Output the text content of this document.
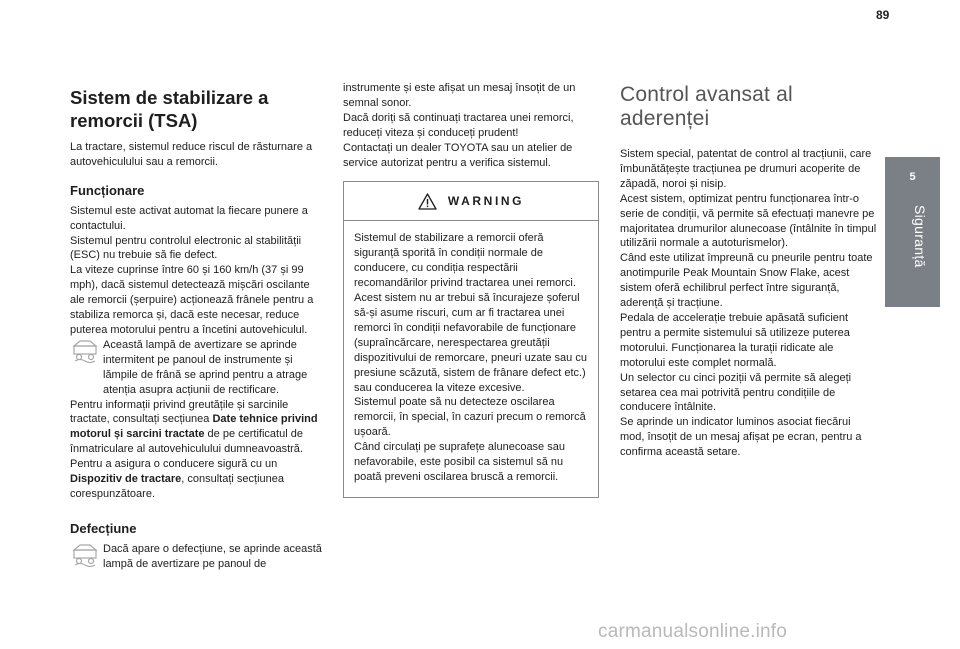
89
5
Siguranță
Sistem de stabilizare a remorcii (TSA)

La tractare, sistemul reduce riscul de răsturnare a autovehiculului sau a remorcii.

Funcționare

Sistemul este activat automat la fiecare punere a contactului.

Sistemul pentru controlul electronic al stabilității (ESC) nu trebuie să fie defect.

La viteze cuprinse între 60 și 160 km/h (37 și 99 mph), dacă sistemul detectează mișcări oscilante ale remorcii (șerpuire) acționează frânele pentru a stabiliza remorca și, dacă este necesar, reduce puterea motorului pentru a încetini autovehiculul.

Această lampă de avertizare se aprinde intermitent pe panoul de instrumente și lămpile de frână se aprind pentru a atrage atenția asupra acțiunii de rectificare.

Pentru informații privind greutățile și sarcinile tractate, consultați secțiunea Date tehnice privind motorul și sarcini tractate de pe certificatul de înmatriculare al autovehiculului dumneavoastră.

Pentru a asigura o conducere sigură cu un Dispozitiv de tractare, consultați secțiunea corespunzătoare.

Defecțiune
Dacă apare o defecțiune, se aprinde această lampă de avertizare pe panoul de

instrumente și este afișat un mesaj însoțit de un semnal sonor.

Dacă doriți să continuați tractarea unei remorci, reduceți viteza și conduceți prudent!

Contactați un dealer TOYOTA sau un atelier de service autorizat pentru a verifica sistemul.

WARNING

Sistemul de stabilizare a remorcii oferă siguranță sporită în condiții normale de conducere, cu condiția respectării recomandărilor privind tractarea unei remorci.

Acest sistem nu ar trebui să încurajeze șoferul să-și asume riscuri, cum ar fi tractarea unei remorci în condiții nefavorabile de funcționare (supraîncărcare, nerespectarea greutății dispozitivului de remorcare, pneuri uzate sau cu presiune scăzută, sistem de frânare defect etc.) sau conducerea la viteze excesive.

Sistemul poate să nu detecteze oscilarea remorcii, în special, în cazuri precum o remorcă ușoară.

Când circulați pe suprafețe alunecoase sau nefavorabile, este posibil ca sistemul să nu poată preveni oscilarea bruscă a remorcii.

Control avansat al aderenței

Sistem special, patentat de control al tracțiunii, care îmbunătățește tracțiunea pe drumuri acoperite de zăpadă, noroi și nisip.

Acest sistem, optimizat pentru funcționarea într-o serie de condiții, vă permite să efectuați manevre pe majoritatea drumurilor alunecoase (întâlnite în timpul utilizării normale a autoturismelor).

Când este utilizat împreună cu pneurile pentru toate anotimpurile Peak Mountain Snow Flake, acest sistem oferă echilibrul perfect între siguranță, aderență și tracțiune.

Pedala de accelerație trebuie apăsată suficient pentru a permite sistemului să utilizeze puterea motorului. Funcționarea la turații ridicate ale motorului este complet normală.

Un selector cu cinci poziții vă permite să alegeți setarea cea mai potrivită pentru condițiile de conducere întâlnite.

Se aprinde un indicator luminos asociat fiecărui mod, însoțit de un mesaj afișat pe ecran, pentru a confirma această setare.

carmanualsonline.info
